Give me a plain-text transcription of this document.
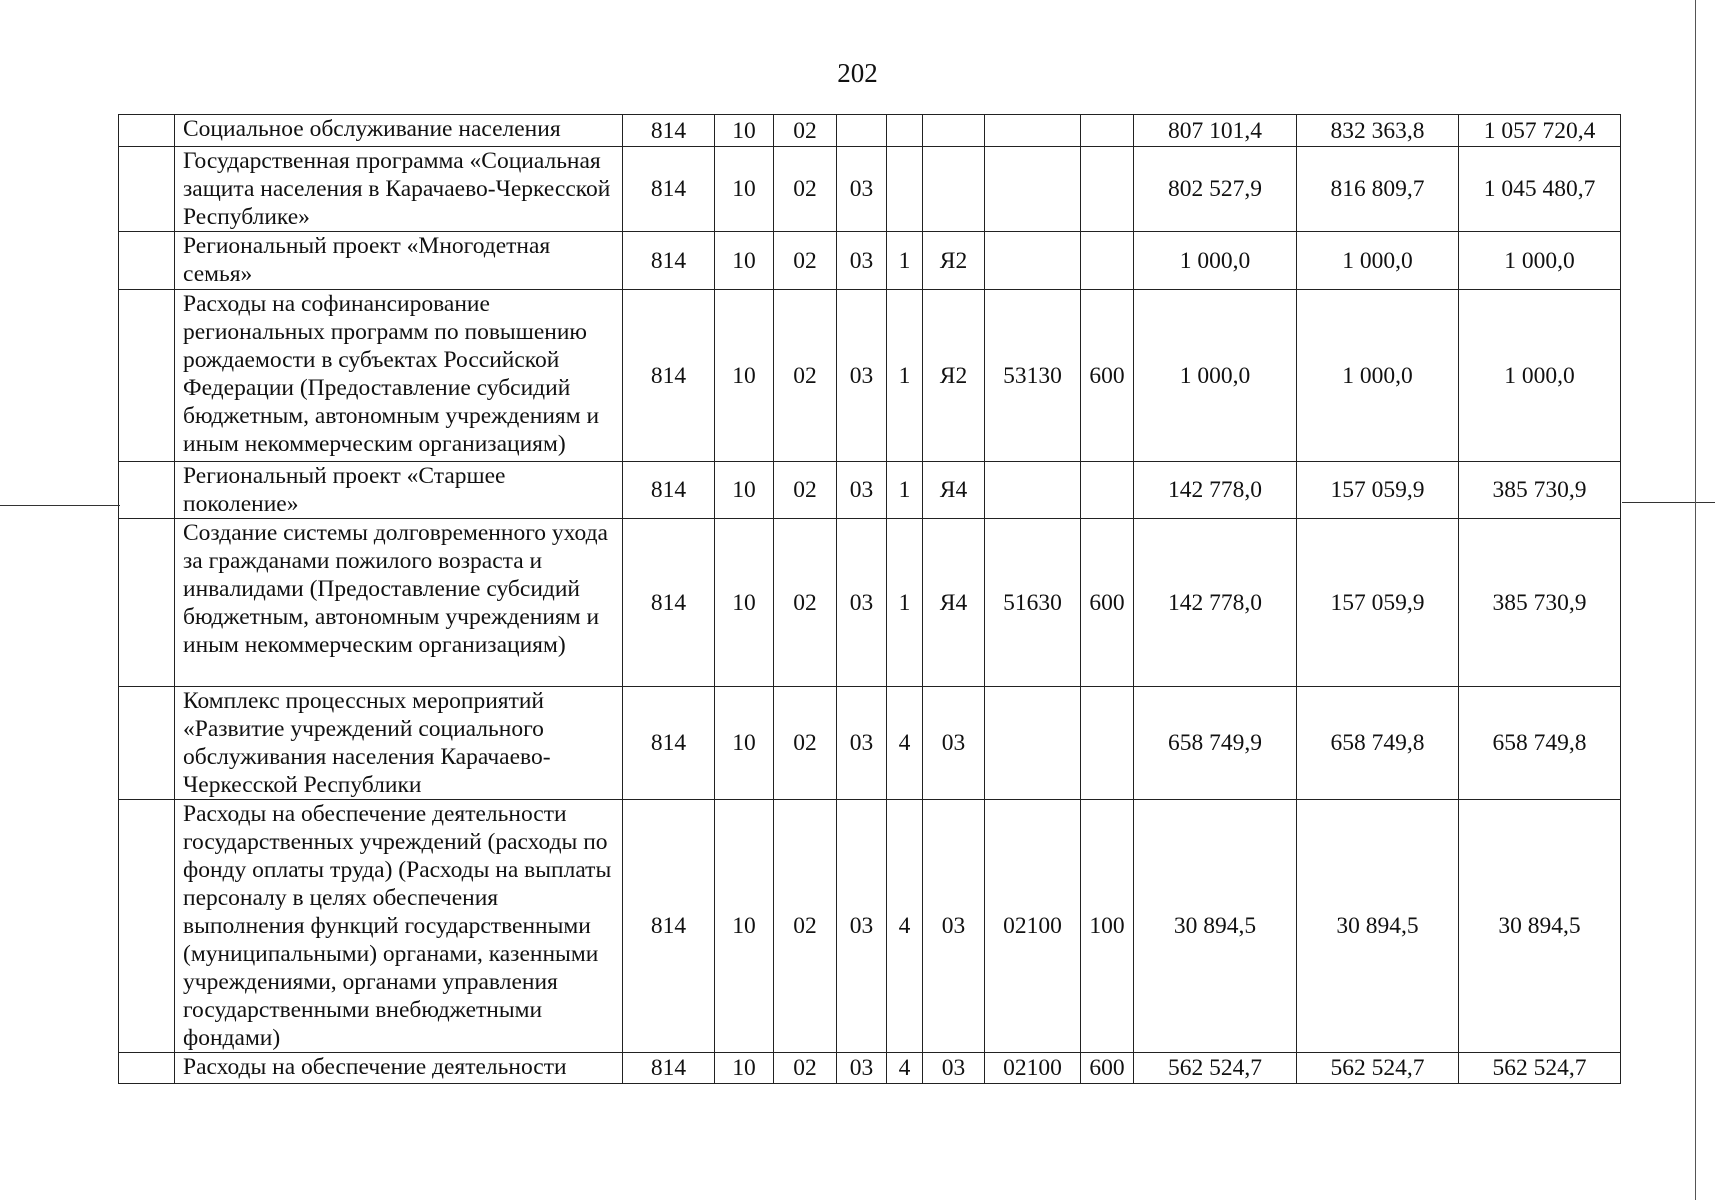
202
	Социальное обслуживание населения	814	10	02						807 101,4	832 363,8	1 057 720,4
	Государственная программа «Социальная защита населения в Карачаево-Черкесской Республике»	814	10	02	03					802 527,9	816 809,7	1 045 480,7
	Региональный проект «Многодетная семья»	814	10	02	03	1	Я2			1 000,0	1 000,0	1 000,0
	Расходы на софинансирование региональных программ по повышению рождаемости в субъектах Российской Федерации (Предоставление субсидий бюджетным, автономным учреждениям и иным некоммерческим организациям)	814	10	02	03	1	Я2	53130	600	1 000,0	1 000,0	1 000,0
	Региональный проект «Старшее поколение»	814	10	02	03	1	Я4			142 778,0	157 059,9	385 730,9
	Создание системы долговременного ухода за гражданами пожилого возраста и инвалидами (Предоставление субсидий бюджетным, автономным учреждениям и иным некоммерческим организациям)	814	10	02	03	1	Я4	51630	600	142 778,0	157 059,9	385 730,9
	Комплекс процессных мероприятий «Развитие учреждений социального обслуживания населения Карачаево-Черкесской Республики	814	10	02	03	4	03			658 749,9	658 749,8	658 749,8
	Расходы на обеспечение деятельности государственных учреждений (расходы по фонду оплаты труда) (Расходы на выплаты персоналу в целях обеспечения выполнения функций государственными (муниципальными) органами, казенными учреждениями, органами управления государственными внебюджетными фондами)	814	10	02	03	4	03	02100	100	30 894,5	30 894,5	30 894,5
	Расходы на обеспечение деятельности	814	10	02	03	4	03	02100	600	562 524,7	562 524,7	562 524,7
